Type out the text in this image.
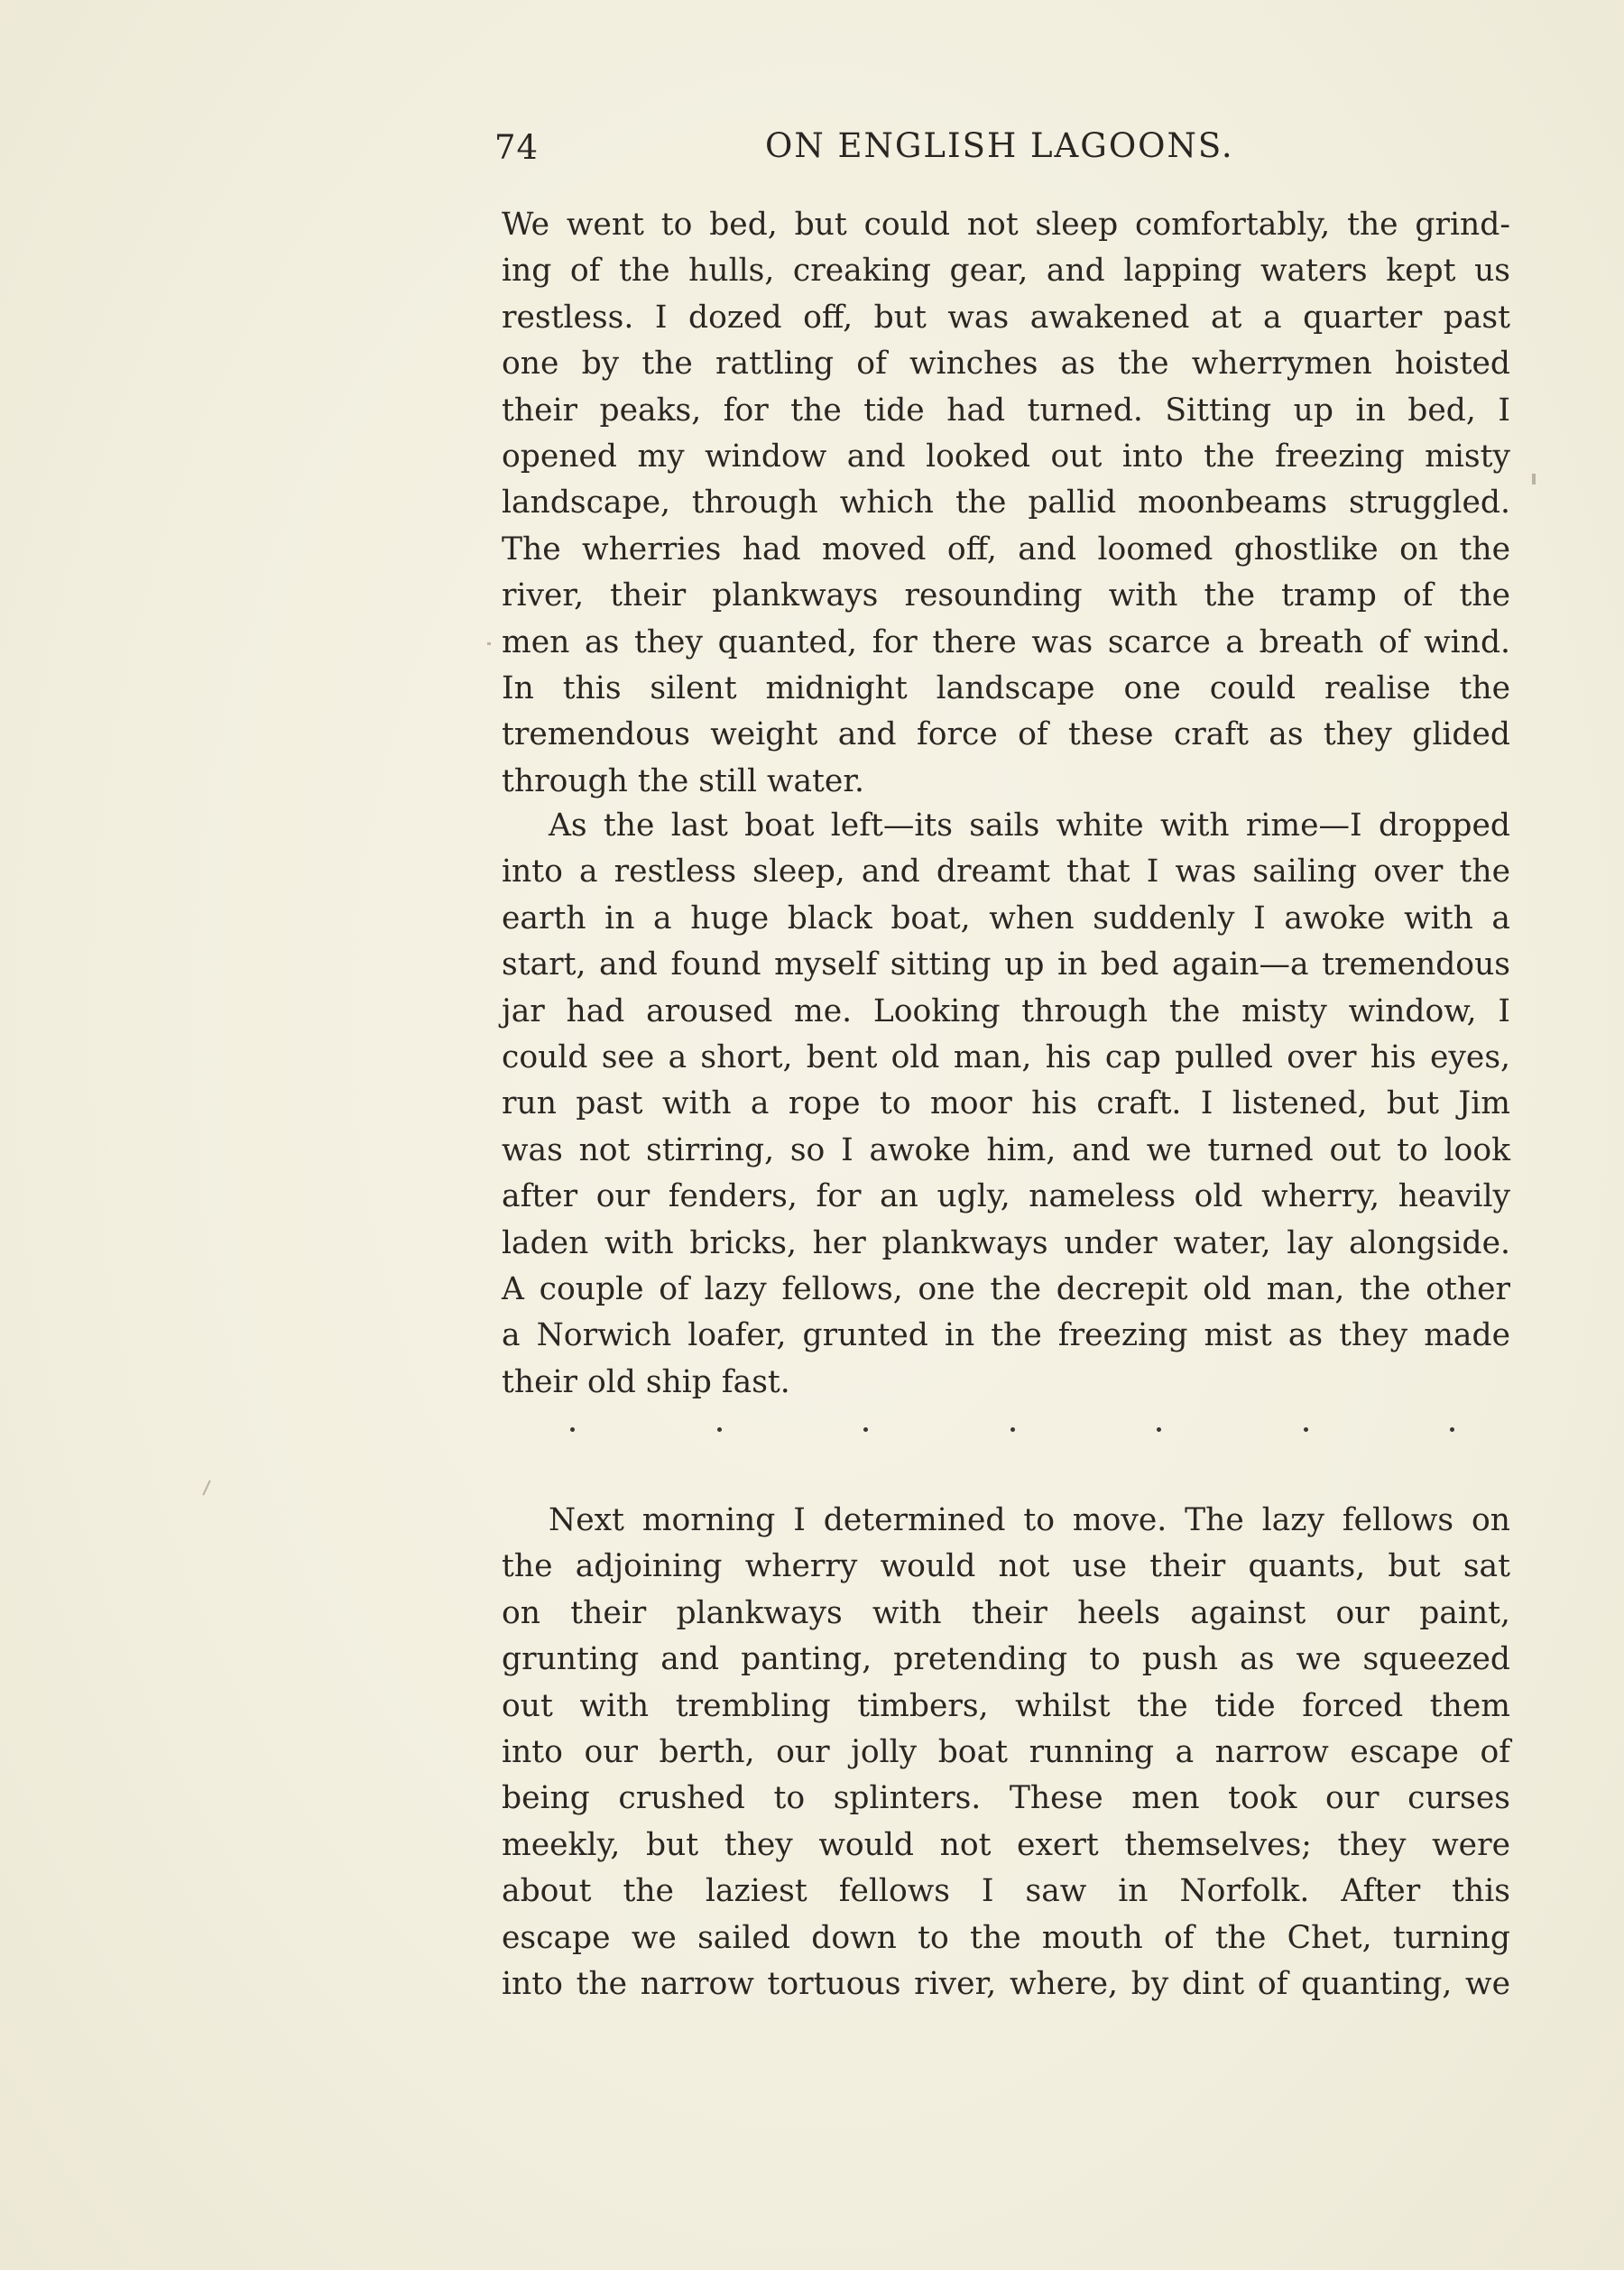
74	ON ENGLISH LAGOONS.
We went to bed, but could not sleep comfortably, the grind-
ing of the hulls, creaking gear, and lapping waters kept us
restless. I dozed off, but was awakened at a quarter past
one by the rattling of winches as the wherrymen hoisted
their peaks, for the tide had turned. Sitting up in bed, I
opened my window and looked out into the freezing misty
landscape, through which the pallid moonbeams struggled.
The wherries had moved off, and loomed ghostlike on the
river, their plankways resounding with the tramp of the
men as they quanted, for there was scarce a breath of wind.
In this silent midnight landscape one could realise the
tremendous weight and force of these craft as they glided
through the still water.
As the last boat left—its sails white with rime—I dropped
into a restless sleep, and dreamt that I was sailing over the
earth in a huge black boat, when suddenly I awoke with a
start, and found myself sitting up in bed again—a tremendous
jar had aroused me. Looking through the misty window, I
could see a short, bent old man, his cap pulled over his eyes,
run past with a rope to moor his craft. I listened, but Jim
was not stirring, so I awoke him, and we turned out to look
after our fenders, for an ugly, nameless old wherry, heavily
laden with bricks, her plankways under water, lay alongside.
A couple of lazy fellows, one the decrepit old man, the other
a Norwich loafer, grunted in the freezing mist as they made
their old ship fast.
Next morning I determined to move. The lazy fellows on
the adjoining wherry would not use their quants, but sat
on their plankways with their heels against our paint,
grunting and panting, pretending to push as we squeezed
out with trembling timbers, whilst the tide forced them
into our berth, our jolly boat running a narrow escape of
being crushed to splinters. These men took our curses
meekly, but they would not exert themselves; they were
about the laziest fellows I saw in Norfolk. After this
escape we sailed down to the mouth of the Chet, turning
into the narrow tortuous river, where, by dint of quanting, we
